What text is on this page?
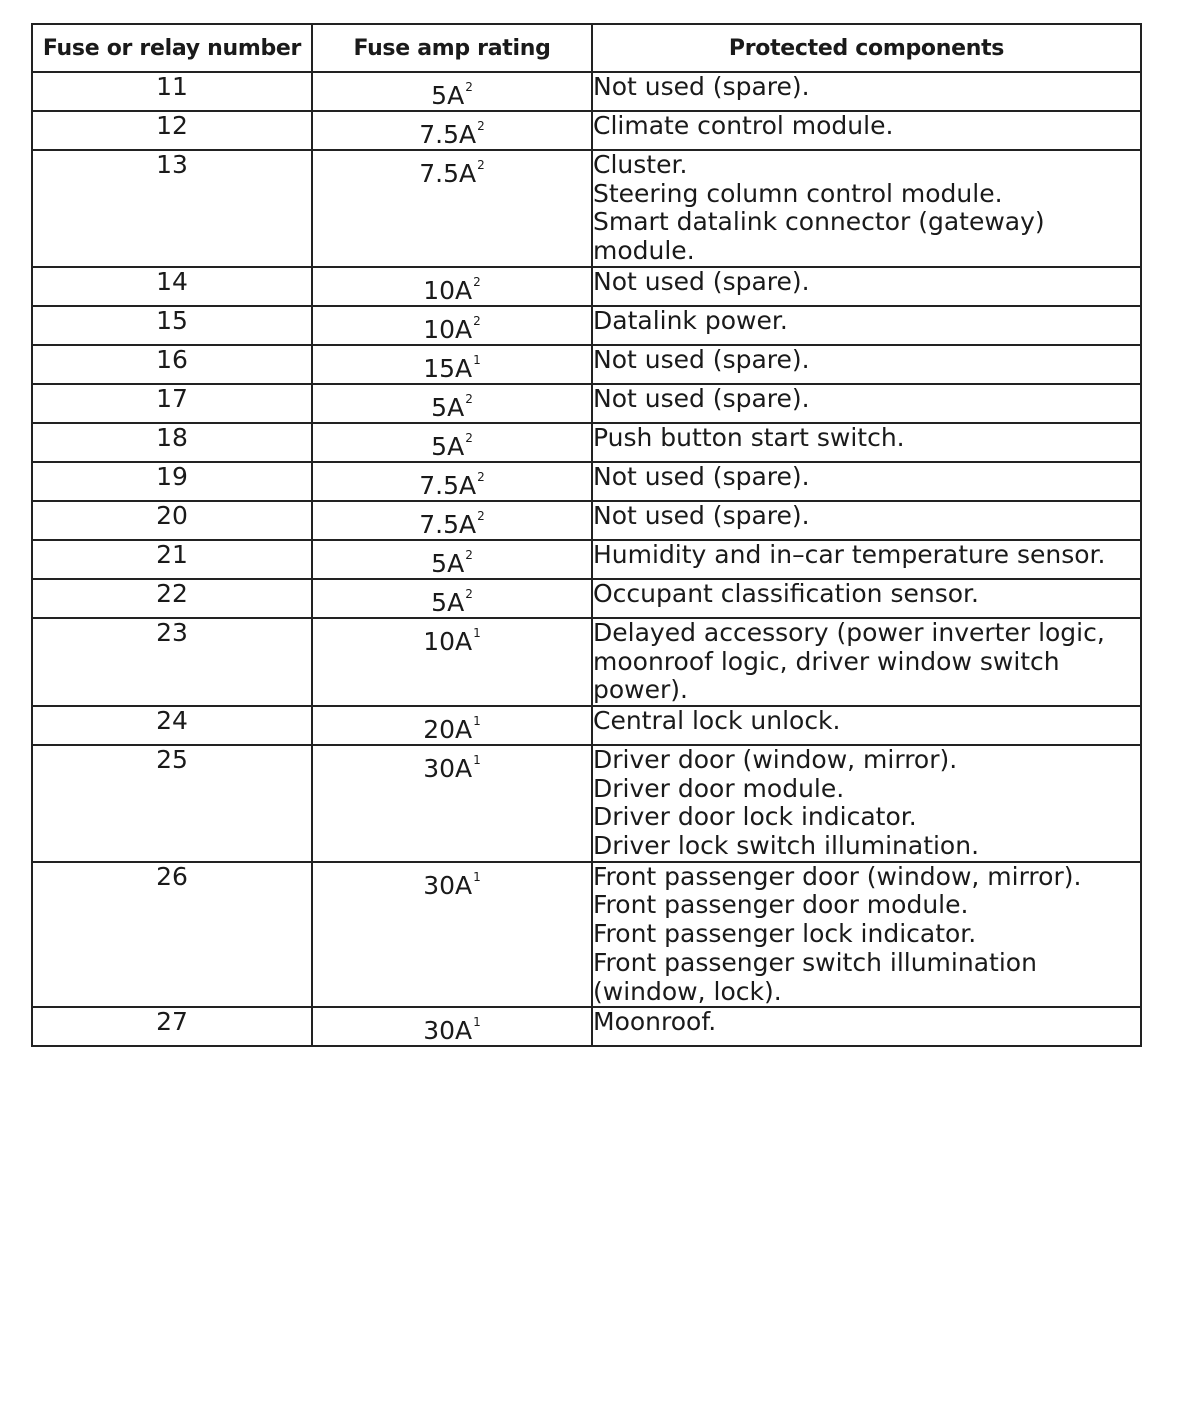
Fuse or relay number	Fuse amp rating	Protected components
11	$5A^2$	Not used (spare).

12	$7.5A^2$	Climate control module.

13	$7.5A^2$	Cluster.
Steering column control module.
Smart datalink connector (gateway)
module.

14	$10A^2$	Not used (spare).

15	$10A^2$	Datalink power.

16	$15A^1$	Not used (spare).

17	$5A^2$	Not used (spare).

18	$5A^2$	Push button start switch.

19	$7.5A^2$	Not used (spare).

20	$7.5A^2$	Not used (spare).

21	$5A^2$	Humidity and in–car temperature sensor.

22	$5A^2$	Occupant classification sensor.

23	$10A^1$	Delayed accessory (power inverter logic,
moonroof logic, driver window switch
power).

24	$20A^1$	Central lock unlock.

25	$30A^1$	Driver door (window, mirror).
Driver door module.
Driver door lock indicator.
Driver lock switch illumination.

26	$30A^1$	Front passenger door (window, mirror).
Front passenger door module.
Front passenger lock indicator.
Front passenger switch illumination
(window, lock).

27	$30A^1$	Moonroof.
